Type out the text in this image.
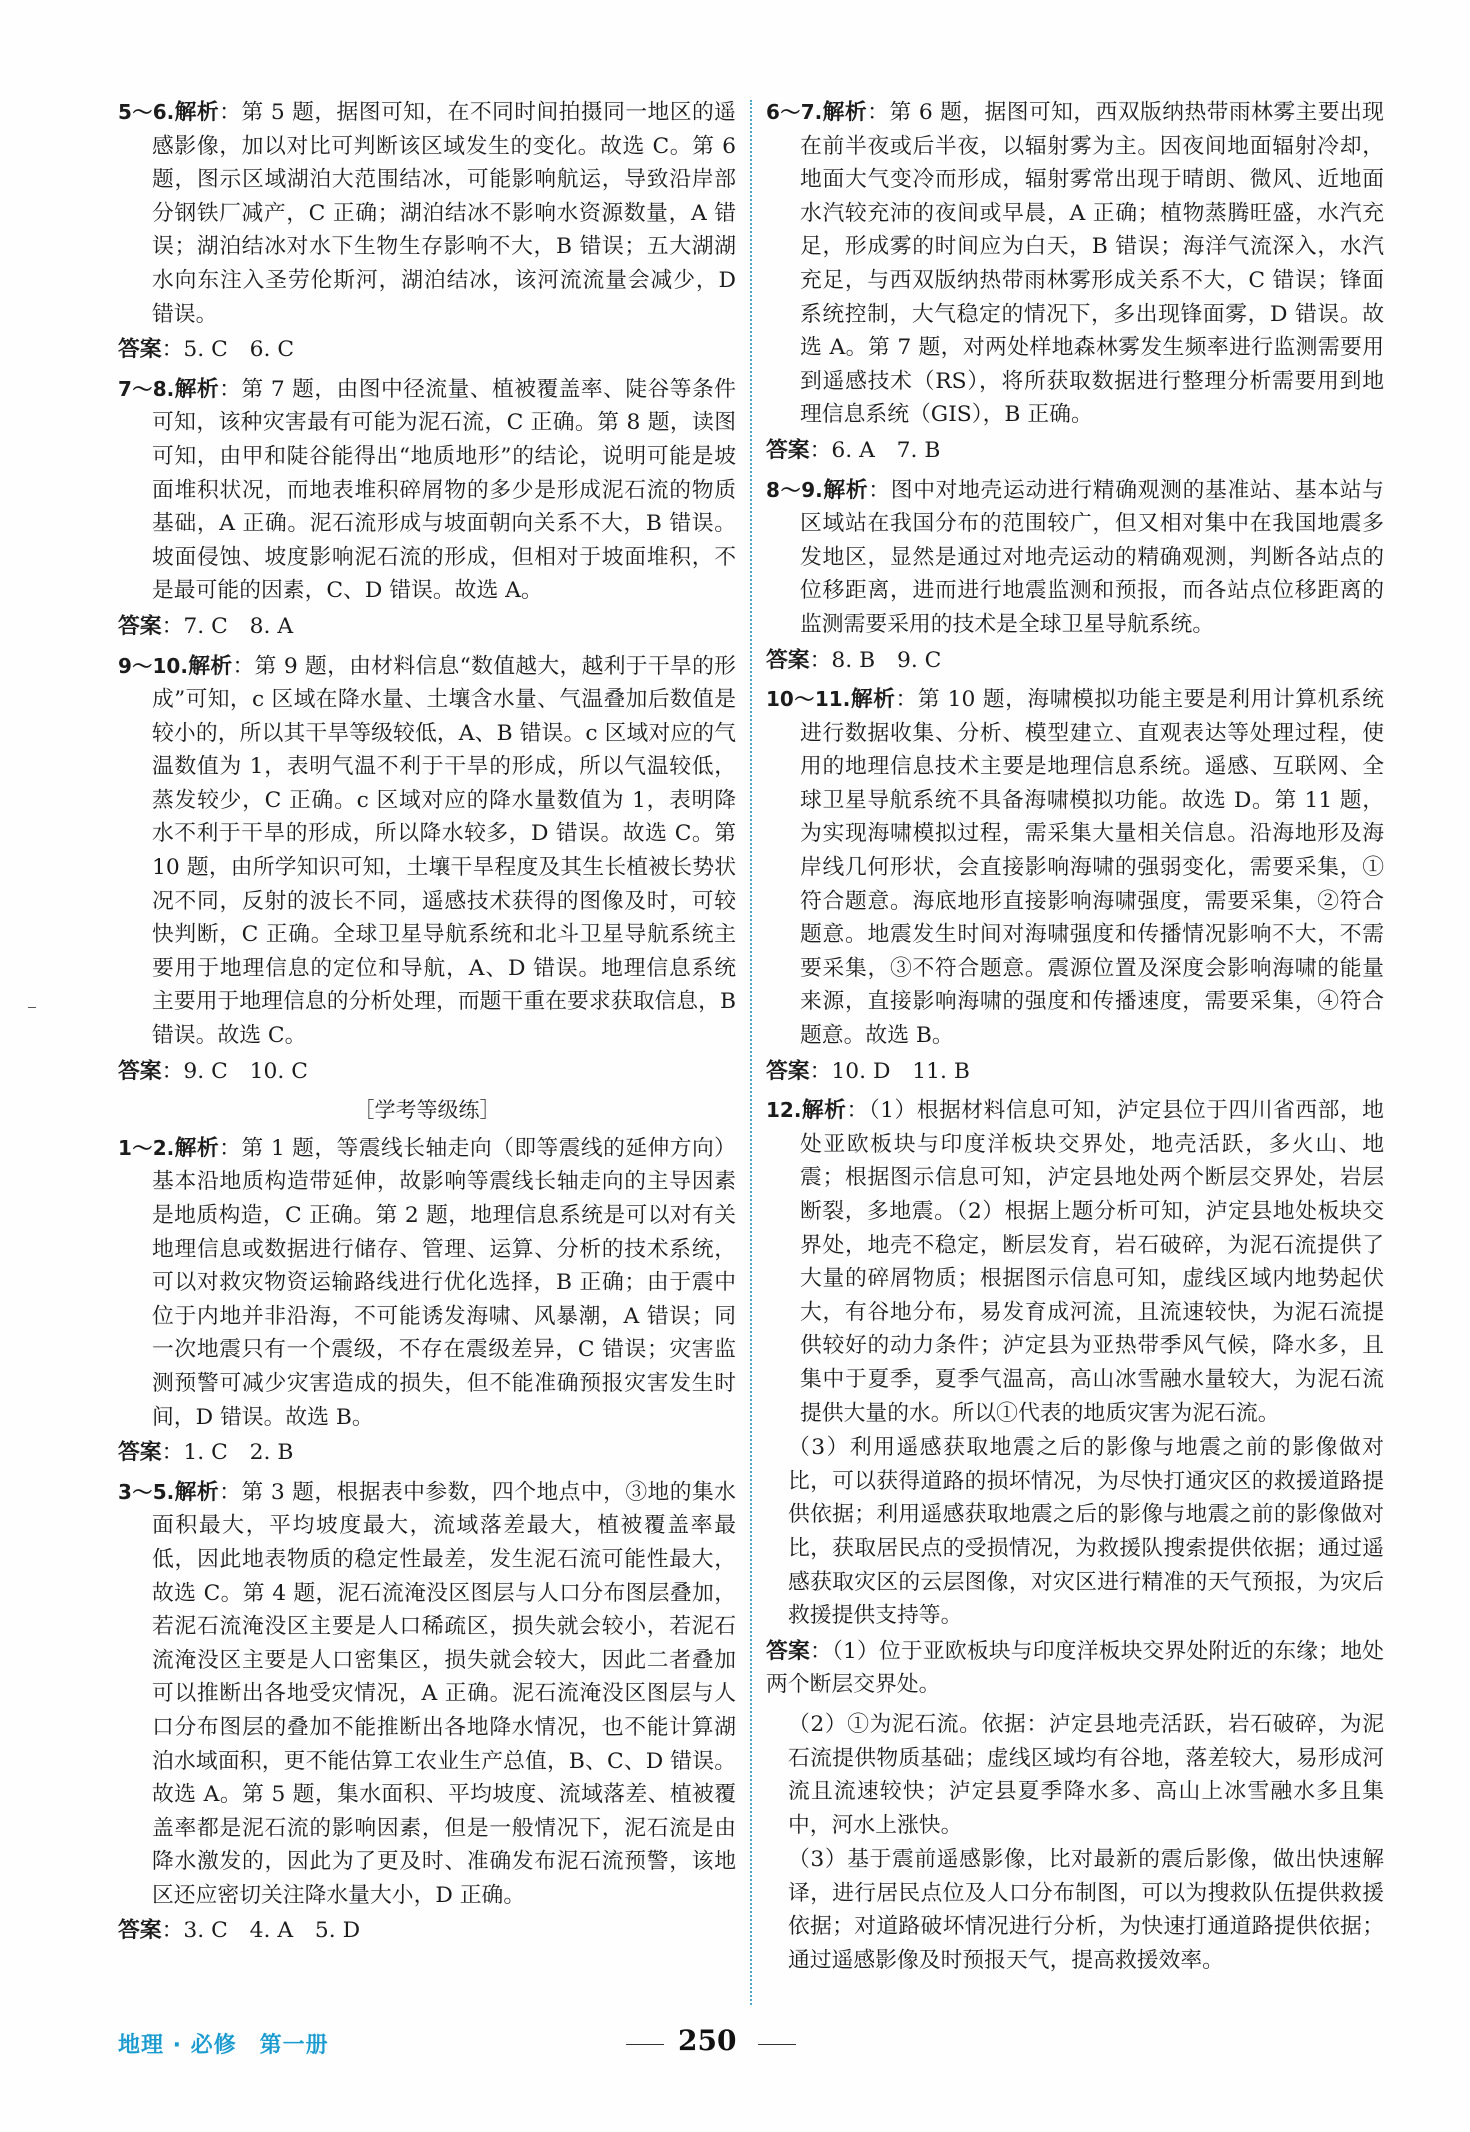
5～6.解析：第 5 题，据图可知，在不同时间拍摄同一地区的遥感影像，加以对比可判断该区域发生的变化。故选 C。第 6 题，图示区域湖泊大范围结冰，可能影响航运，导致沿岸部分钢铁厂减产，C 正确；湖泊结冰不影响水资源数量，A 错误；湖泊结冰对水下生物生存影响不大，B 错误；五大湖湖水向东注入圣劳伦斯河，湖泊结冰，该河流流量会减少，D 错误。
答案：5. C　6. C
7～8.解析：第 7 题，由图中径流量、植被覆盖率、陡谷等条件可知，该种灾害最有可能为泥石流，C 正确。第 8 题，读图可知，由甲和陡谷能得出“地质地形”的结论，说明可能是坡面堆积状况，而地表堆积碎屑物的多少是形成泥石流的物质基础，A 正确。泥石流形成与坡面朝向关系不大，B 错误。坡面侵蚀、坡度影响泥石流的形成，但相对于坡面堆积，不是最可能的因素，C、D 错误。故选 A。
答案：7. C　8. A
9～10.解析：第 9 题，由材料信息“数值越大，越利于干旱的形成”可知，c 区域在降水量、土壤含水量、气温叠加后数值是较小的，所以其干旱等级较低，A、B 错误。c 区域对应的气温数值为 1，表明气温不利于干旱的形成，所以气温较低，蒸发较少，C 正确。c 区域对应的降水量数值为 1，表明降水不利于干旱的形成，所以降水较多，D 错误。故选 C。第 10 题，由所学知识可知，土壤干旱程度及其生长植被长势状况不同，反射的波长不同，遥感技术获得的图像及时，可较快判断，C 正确。全球卫星导航系统和北斗卫星导航系统主要用于地理信息的定位和导航，A、D 错误。地理信息系统主要用于地理信息的分析处理，而题干重在要求获取信息，B 错误。故选 C。
答案：9. C　10. C
［学考等级练］
1～2.解析：第 1 题，等震线长轴走向（即等震线的延伸方向）基本沿地质构造带延伸，故影响等震线长轴走向的主导因素是地质构造，C 正确。第 2 题，地理信息系统是可以对有关地理信息或数据进行储存、管理、运算、分析的技术系统，可以对救灾物资运输路线进行优化选择，B 正确；由于震中位于内地并非沿海，不可能诱发海啸、风暴潮，A 错误；同一次地震只有一个震级，不存在震级差异，C 错误；灾害监测预警可减少灾害造成的损失，但不能准确预报灾害发生时间，D 错误。故选 B。
答案：1. C　2. B
3～5.解析：第 3 题，根据表中参数，四个地点中，③地的集水面积最大，平均坡度最大，流域落差最大，植被覆盖率最低，因此地表物质的稳定性最差，发生泥石流可能性最大，故选 C。第 4 题，泥石流淹没区图层与人口分布图层叠加，若泥石流淹没区主要是人口稀疏区，损失就会较小，若泥石流淹没区主要是人口密集区，损失就会较大，因此二者叠加可以推断出各地受灾情况，A 正确。泥石流淹没区图层与人口分布图层的叠加不能推断出各地降水情况，也不能计算湖泊水域面积，更不能估算工农业生产总值，B、C、D 错误。故选 A。第 5 题，集水面积、平均坡度、流域落差、植被覆盖率都是泥石流的影响因素，但是一般情况下，泥石流是由降水激发的，因此为了更及时、准确发布泥石流预警，该地区还应密切关注降水量大小，D 正确。
答案：3. C　4. A　5. D
6～7.解析：第 6 题，据图可知，西双版纳热带雨林雾主要出现在前半夜或后半夜，以辐射雾为主。因夜间地面辐射冷却，地面大气变冷而形成，辐射雾常出现于晴朗、微风、近地面水汽较充沛的夜间或早晨，A 正确；植物蒸腾旺盛，水汽充足，形成雾的时间应为白天，B 错误；海洋气流深入，水汽充足，与西双版纳热带雨林雾形成关系不大，C 错误；锋面系统控制，大气稳定的情况下，多出现锋面雾，D 错误。故选 A。第 7 题，对两处样地森林雾发生频率进行监测需要用到遥感技术（RS），将所获取数据进行整理分析需要用到地理信息系统（GIS），B 正确。
答案：6. A　7. B
8～9.解析：图中对地壳运动进行精确观测的基准站、基本站与区域站在我国分布的范围较广，但又相对集中在我国地震多发地区，显然是通过对地壳运动的精确观测，判断各站点的位移距离，进而进行地震监测和预报，而各站点位移距离的监测需要采用的技术是全球卫星导航系统。
答案：8. B　9. C
10～11.解析：第 10 题，海啸模拟功能主要是利用计算机系统进行数据收集、分析、模型建立、直观表达等处理过程，使用的地理信息技术主要是地理信息系统。遥感、互联网、全球卫星导航系统不具备海啸模拟功能。故选 D。第 11 题，为实现海啸模拟过程，需采集大量相关信息。沿海地形及海岸线几何形状，会直接影响海啸的强弱变化，需要采集，①符合题意。海底地形直接影响海啸强度，需要采集，②符合题意。地震发生时间对海啸强度和传播情况影响不大，不需要采集，③不符合题意。震源位置及深度会影响海啸的能量来源，直接影响海啸的强度和传播速度，需要采集，④符合题意。故选 B。
答案：10. D　11. B
12.解析：（1）根据材料信息可知，泸定县位于四川省西部，地处亚欧板块与印度洋板块交界处，地壳活跃，多火山、地震；根据图示信息可知，泸定县地处两个断层交界处，岩层断裂，多地震。（2）根据上题分析可知，泸定县地处板块交界处，地壳不稳定，断层发育，岩石破碎，为泥石流提供了大量的碎屑物质；根据图示信息可知，虚线区域内地势起伏大，有谷地分布，易发育成河流，且流速较快，为泥石流提供较好的动力条件；泸定县为亚热带季风气候，降水多，且集中于夏季，夏季气温高，高山冰雪融水量较大，为泥石流提供大量的水。所以①代表的地质灾害为泥石流。
（3）利用遥感获取地震之后的影像与地震之前的影像做对比，可以获得道路的损坏情况，为尽快打通灾区的救援道路提供依据；利用遥感获取地震之后的影像与地震之前的影像做对比，获取居民点的受损情况，为救援队搜索提供依据；通过遥感获取灾区的云层图像，对灾区进行精准的天气预报，为灾后救援提供支持等。
答案：（1）位于亚欧板块与印度洋板块交界处附近的东缘；地处两个断层交界处。
（2）①为泥石流。依据：泸定县地壳活跃，岩石破碎，为泥石流提供物质基础；虚线区域均有谷地，落差较大，易形成河流且流速较快；泸定县夏季降水多、高山上冰雪融水多且集中，河水上涨快。
（3）基于震前遥感影像，比对最新的震后影像，做出快速解译，进行居民点位及人口分布制图，可以为搜救队伍提供救援依据；对道路破坏情况进行分析，为快速打通道路提供依据；通过遥感影像及时预报天气，提高救援效率。
地理 · 必修　第一册	250
